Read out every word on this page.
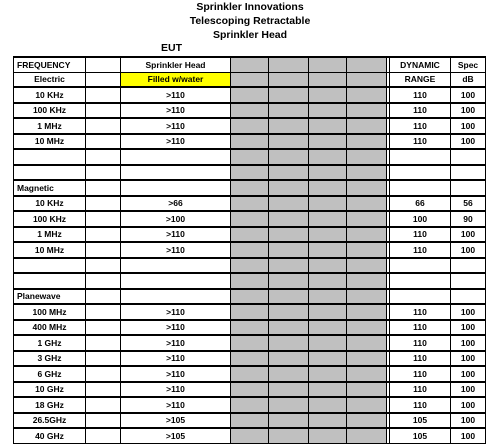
Sprinkler Innovations
Telescoping Retractable
Sprinkler Head
EUT
FREQUENCY		Sprinkler Head						DYNAMIC	Spec
Electric		Filled w/water						RANGE	dB
10 KHz		>110						110	100
100 KHz		>110						110	100
1 MHz		>110						110	100
10 MHz		>110						110	100

Magnetic									
10 KHz		>66						66	56
100 KHz		>100						100	90
1 MHz		>110						110	100
10 MHz		>110						110	100

Planewave									
100 MHz		>110						110	100
400 MHz		>110						110	100
1 GHz		>110						110	100
3 GHz		>110						110	100
6 GHz		>110						110	100
10 GHz		>110						110	100
18 GHz		>110						110	100
26.5GHz		>105						105	100
40 GHz		>105						105	100
